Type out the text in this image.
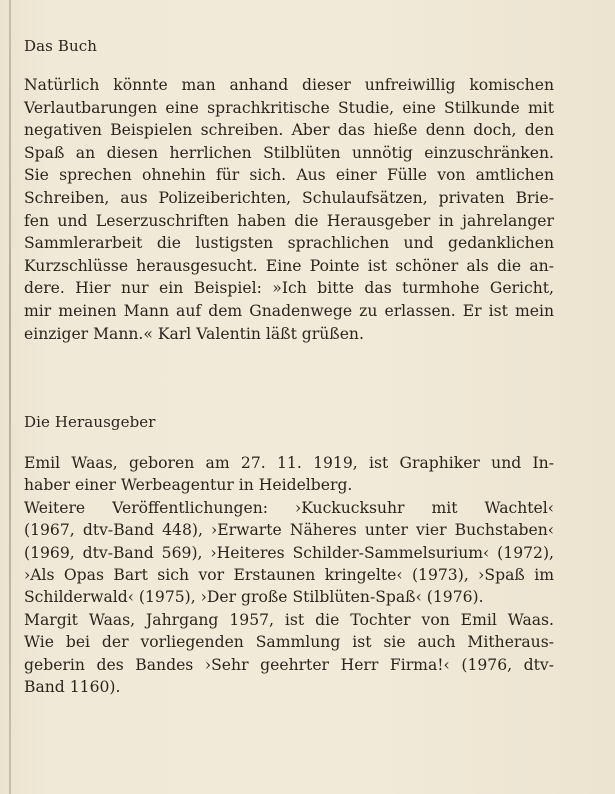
Das Buch
Natürlich könnte man anhand dieser unfreiwillig komischen
Verlautbarungen eine sprachkritische Studie, eine Stilkunde mit
negativen Beispielen schreiben. Aber das hieße denn doch, den
Spaß an diesen herrlichen Stilblüten unnötig einzuschränken.
Sie sprechen ohnehin für sich. Aus einer Fülle von amtlichen
Schreiben, aus Polizeiberichten, Schulaufsätzen, privaten Brie-
fen und Leserzuschriften haben die Herausgeber in jahrelanger
Sammlerarbeit die lustigsten sprachlichen und gedanklichen
Kurzschlüsse herausgesucht. Eine Pointe ist schöner als die an-
dere. Hier nur ein Beispiel: »Ich bitte das turmhohe Gericht,
mir meinen Mann auf dem Gnadenwege zu erlassen. Er ist mein
einziger Mann.« Karl Valentin läßt grüßen.
Die Herausgeber
Emil Waas, geboren am 27. 11. 1919, ist Graphiker und In-
haber einer Werbeagentur in Heidelberg.
Weitere Veröffentlichungen: ›Kuckucksuhr mit Wachtel‹
(1967, dtv-Band 448), ›Erwarte Näheres unter vier Buchstaben‹
(1969, dtv-Band 569), ›Heiteres Schilder-Sammelsurium‹ (1972),
›Als Opas Bart sich vor Erstaunen kringelte‹ (1973), ›Spaß im
Schilderwald‹ (1975), ›Der große Stilblüten-Spaß‹ (1976).
Margit Waas, Jahrgang 1957, ist die Tochter von Emil Waas.
Wie bei der vorliegenden Sammlung ist sie auch Mitheraus-
geberin des Bandes ›Sehr geehrter Herr Firma!‹ (1976, dtv-
Band 1160).
